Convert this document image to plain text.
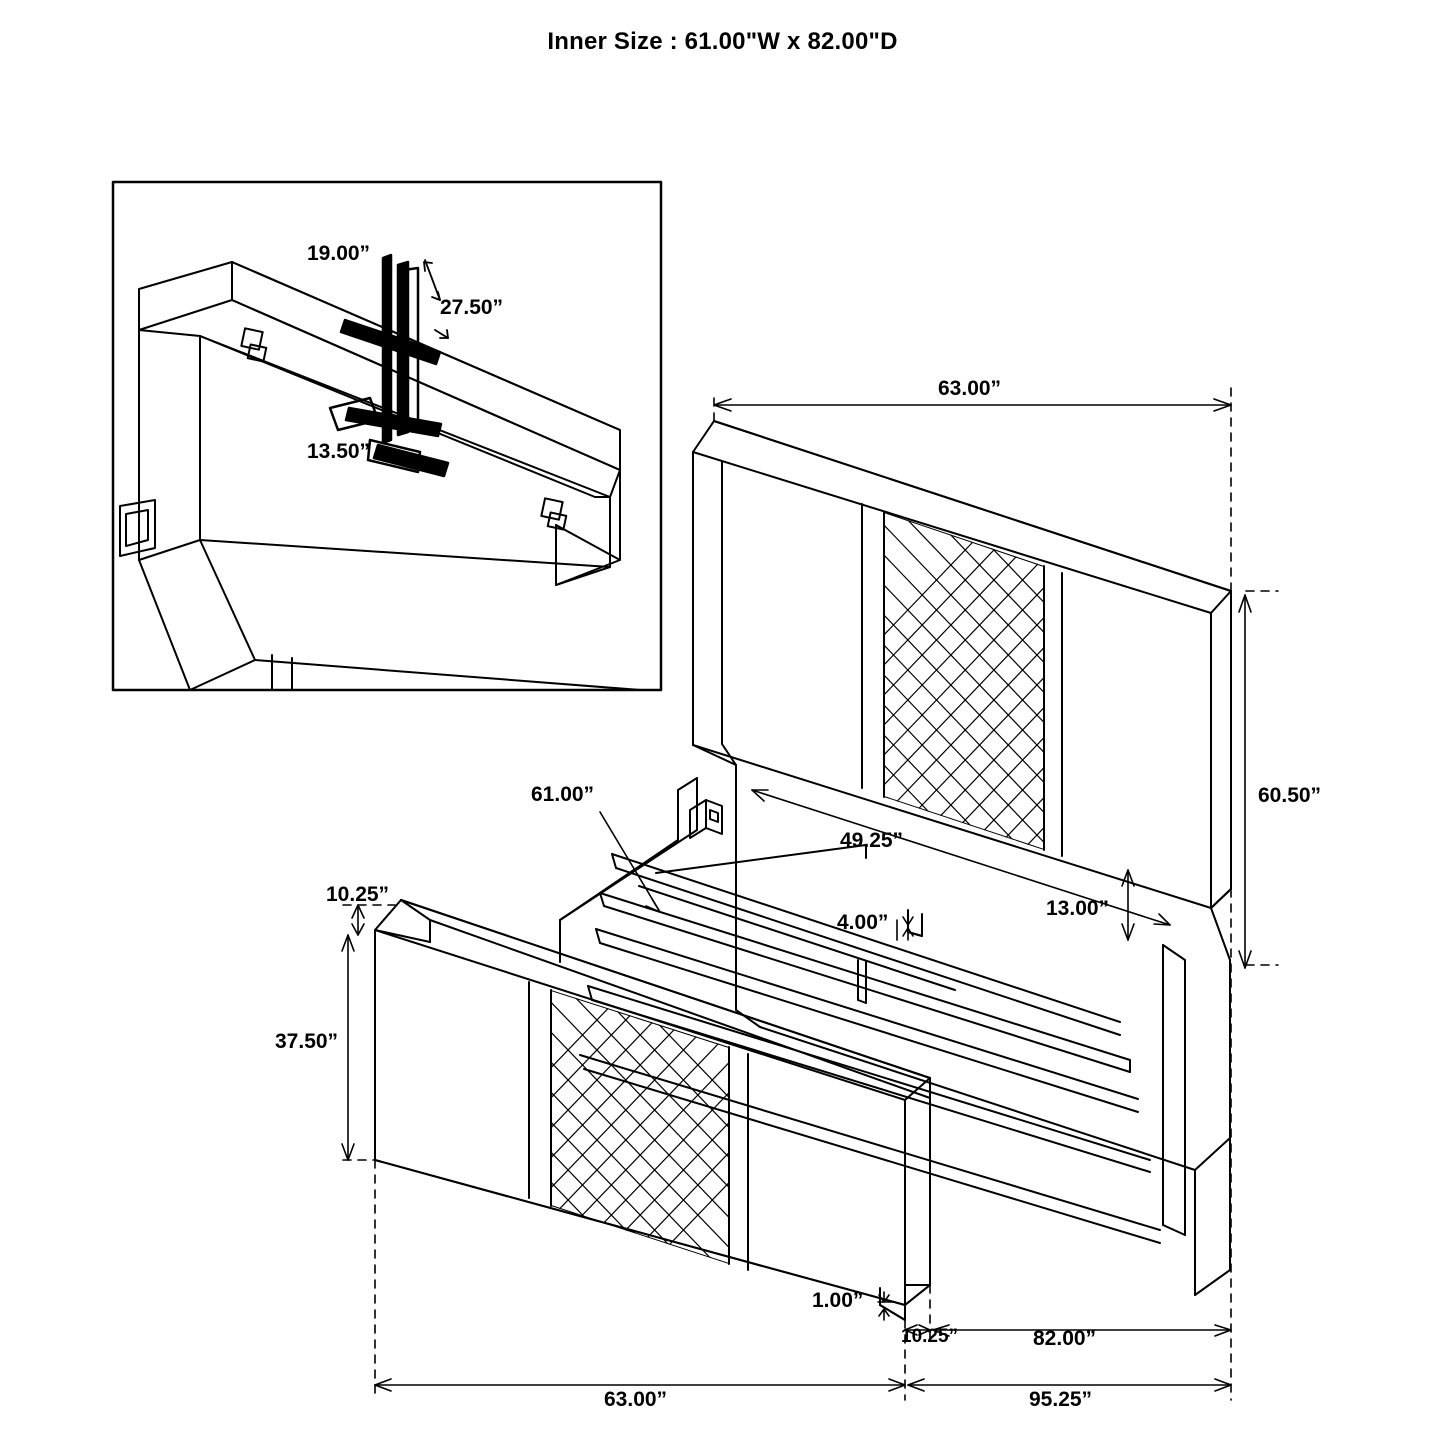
Inner Size : 61.00"W x 82.00"D
19.00”
27.50”
13.50”
63.00”
60.50”
49.25”
13.00”
4.00”
61.00”
10.25”
37.50”
1.00”
10.25”	82.00”
63.00”	95.25”
